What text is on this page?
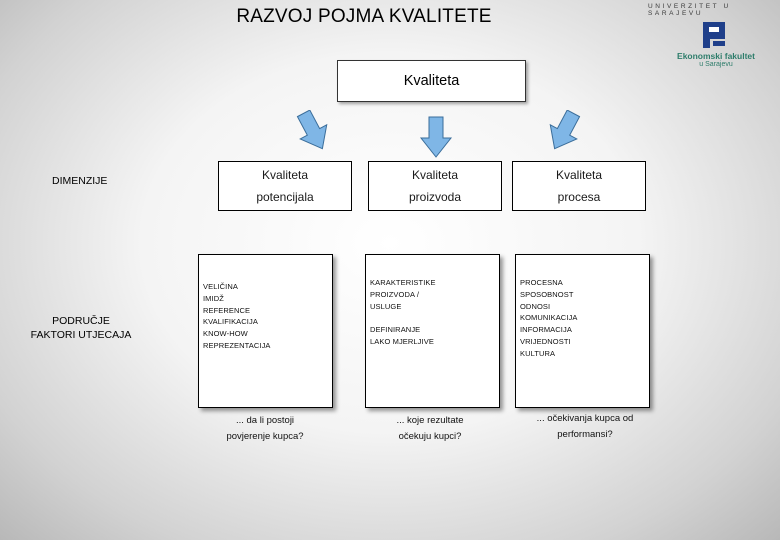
RAZVOJ POJMA KVALITETE	UNIVERZITET U SARAJEVU
Ekonomski fakultet
u Sarajevu
Kvaliteta
DIMENZIJE
PODRUČJE
FAKTORI UTJECAJA
Kvaliteta
potencijala
Kvaliteta
proizvoda
Kvaliteta
procesa
VELIČINA
IMIDŽ
REFERENCE
KVALIFIKACIJA
KNOW-HOW
REPREZENTACIJA
KARAKTERISTIKE
PROIZVODA /
USLUGE
DEFINIRANJE
LAKO MJERLJIVE
PROCESNA
SPOSOBNOST
ODNOSI
KOMUNIKACIJA
INFORMACIJA
VRIJEDNOSTI
KULTURA
... da li postoji
povjerenje kupca?
... koje rezultate
očekuju kupci?
... očekivanja kupca od
performansi?
